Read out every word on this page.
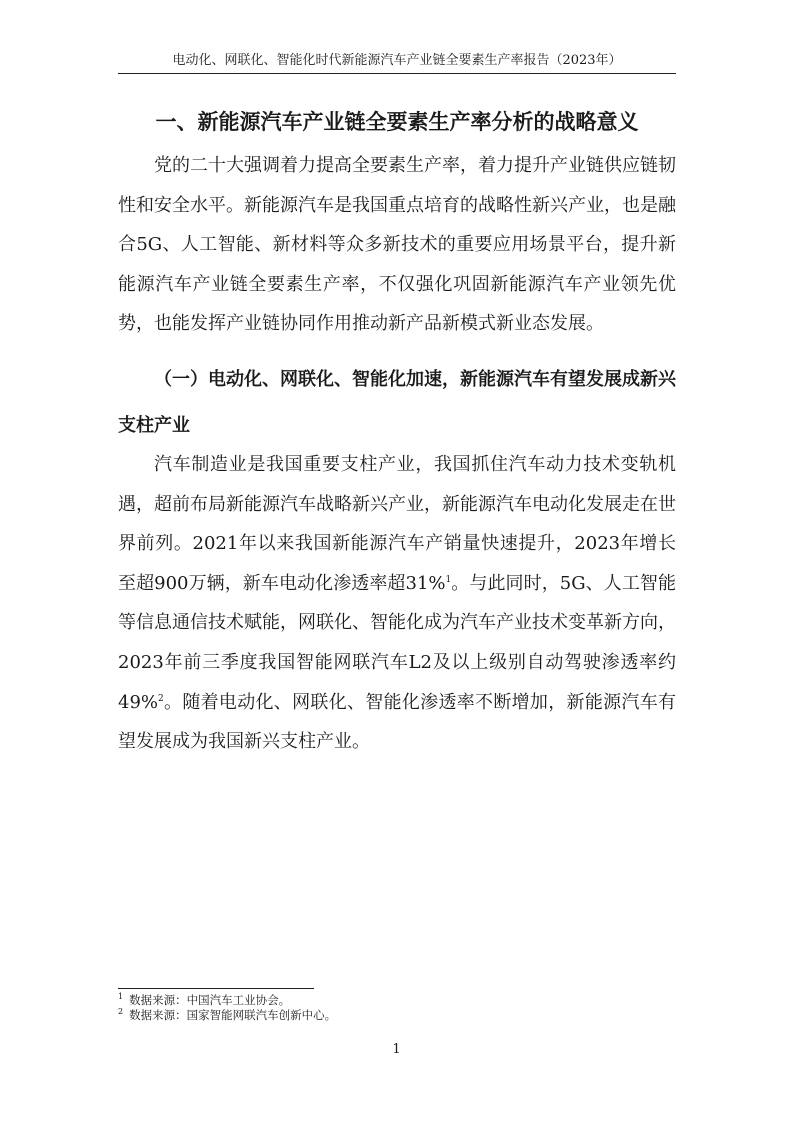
电动化、网联化、智能化时代新能源汽车产业链全要素生产率报告（2023年）
一、新能源汽车产业链全要素生产率分析的战略意义

党的二十大强调着力提高全要素生产率，着力提升产业链供应链韧性和安全水平。新能源汽车是我国重点培育的战略性新兴产业，也是融合5G、人工智能、新材料等众多新技术的重要应用场景平台，提升新能源汽车产业链全要素生产率，不仅强化巩固新能源汽车产业领先优势，也能发挥产业链协同作用推动新产品新模式新业态发展。

（一）电动化、网联化、智能化加速，新能源汽车有望发展成新兴支柱产业

汽车制造业是我国重要支柱产业，我国抓住汽车动力技术变轨机遇，超前布局新能源汽车战略新兴产业，新能源汽车电动化发展走在世界前列。2021年以来我国新能源汽车产销量快速提升，2023年增长至超900万辆，新车电动化渗透率超31%$^1$。与此同时，5G、人工智能等信息通信技术赋能，网联化、智能化成为汽车产业技术变革新方向，2023年前三季度我国智能网联汽车L2及以上级别自动驾驶渗透率约49%$^2$。随着电动化、网联化、智能化渗透率不断增加，新能源汽车有望发展成为我国新兴支柱产业。

$^1$ 数据来源：中国汽车工业协会。
$^2$ 数据来源：国家智能网联汽车创新中心。
1
